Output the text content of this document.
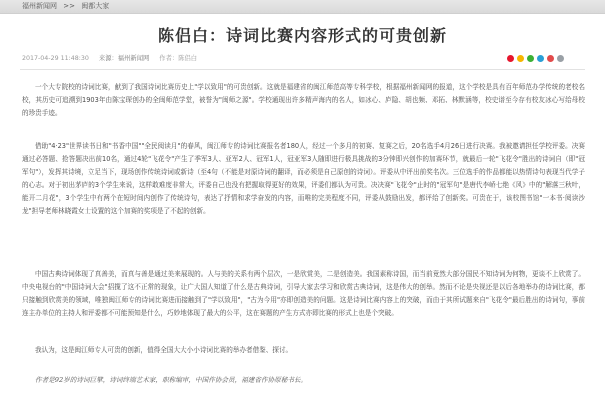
福州新闻网 >> 闽都大家
陈侣白：诗词比赛内容形式的可贵创新
2017-04-29 11:48:30 来源：福州新闻网 作者：陈侣白
一个大专院校的诗词比赛，献到了我国诗词比赛历史上"学以致用"的可贵创新。这就是福建省的闽江师范高等专科学校，根据福州新闻网的报道，这个学校是具有百年师范办学传统的老校名校，其历史可追溯到1903年由陈宝琛创办的全闽师范学堂，被誉为"闽师之源"。学校通现出许多精声海内的名人，如冰心、庐隐、胡也频、邓拓、林默涵等，校史谱至今存有校友冰心写给母校的珍贵手迹。
借助"4·23"世界读书日和"书香中国""全民阅读月"的春风，闽江师专的诗词比赛报名者180人，经过一个多月的初赛、复赛之后，20名选手4月26日进行决赛。我被邀请担任学校评委。决赛通过必答题、抢答题决出前10名，通过4轮"飞花令"产生了季军3人、亚军2人、冠军1人，冠亚军3人随即进行极具挑战的3分钟即兴创作的加赛环节，就最后一轮"飞花令"胜出的诗词自（即"冠军句"），发挥其诗境，立足当下，现场创作传统诗词或新诗（至4句（不能是对原诗词的翻译，而必须是自己原创的诗词）。评委从中评出前奖名次。三位选手的作品都能以热情诗句表现当代学子的心志。对于初出茅庐的3个学生来说，这样敢难度非常大，评委自己也没有把握取得更好的效果，评委们都认为可贵。决决赛"飞花令"止时的"冠军句"是唐代李峤七绝《风》中的"解落三秋叶，能开二月花"，3个学生中有两个在短时间内创作了传统诗句，表达了抒情和求学奋发的内容，而唯的完美程度不同，评委从鼓励出发，都评给了创新奖。可贵在于，该校图书馆"一本书·阅读沙龙"担导老师林晓霞女士设置的这个加赛的奖项是了不起的创新。
中国古典诗词体现了真善美，而真与善是通过美来展现的。人与美的关系有两个层次，一是欣赏美，二是创造美。我国素称诗国，而当前竟然大部分国民不知诗词为何物，更谈不上欣赏了。中央电视台的"中国诗词大会"招揽了这不正常的现象，让广大国人知道了什么是古典诗词，引导大家去学习和欣赏古典诗词，这是伟大的创举。然而不论是央视还是以后各地举办的诗词比赛，都只接触到欣赏美的领域，唯独闽江师专的诗词比赛进而接触到了"学以致用"，"古为今用"亦即创造美的问题。这是诗词比赛内容上的突破，而由于其所试题来自"飞花令"最后胜出的诗词句，事前连主办单位的主持人和评委都不可能预知是什么，巧妙地体现了最大的公平，这在赛题的产生方式亦即比赛的形式上也是个突破。
我认为，这是闽江师专人可贵的创新，值得全国大大小小诗词比赛的举办者借鉴、探讨。
作者是92岁的诗词巨擘，诗词终端艺术家，职称编审，中国作协会员，福建省作协原秘书长。
